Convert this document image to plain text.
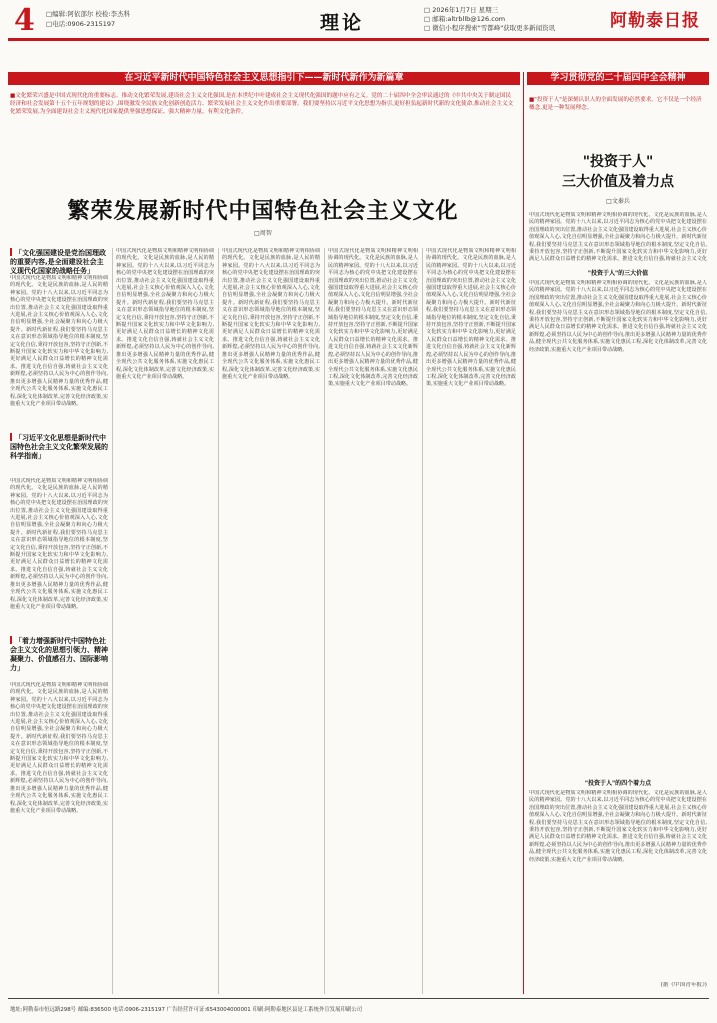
4 □编辑:阿依部尔 校检:李杰科
□电话:0906-2315197	理论
□ 2026年1月7日 星期三
□ 邮箱:altrbllb@126.com
□ 微信小程序搜索"雪都峰"获取更多新闻资讯	阿勒泰日报
在习近平新时代中国特色社会主义思想指引下——新时代新作为新篇章
■文化繁荣兴盛是中国式现代化的重要标志。推动文化繁荣发展,建设社会主义文化强国,是在本世纪中叶建成社会主义现代化强国的题中应有之义。党的二十届四中全会审议通过的《中共中央关于制定国民经济和社会发展第十五个五年规划的建议》,围绕激发全民族文化创新创造活力、繁荣发展社会主义文化作出重要部署。我们要坚持以习近平文化思想为指引,更好担负起新时代新的文化使命,推动社会主义文化繁荣发展,为全面建设社会主义现代化国家提供坚强思想保证、强大精神力量、有利文化条件。
繁荣发展新时代中国特色社会主义文化
□周智
「文化强国建设是党治国理政的重要内容,是全面建设社会主义现代化国家的战略任务」
中国式现代化是物质文明和精神文明相协调的现代化。文化是民族的血脉,是人民的精神家园。党的十八大以来,以习近平同志为核心的党中央把文化建设摆在治国理政的突出位置,推动社会主义文化强国建设取得重大进展,社会主义核心价值观深入人心,文化自信明显增强,全社会凝聚力和向心力极大提升。新时代新征程,我们要坚持马克思主义在意识形态领域指导地位的根本制度,坚定文化自信,秉持开放包容,坚持守正创新,不断提升国家文化软实力和中华文化影响力,更好满足人民群众日益增长的精神文化需求。推进文化自信自强,铸就社会主义文化新辉煌,必须坚持以人民为中心的创作导向,推出更多增强人民精神力量的优秀作品,健全现代公共文化服务体系,实施文化惠民工程,深化文化体制改革,完善文化经济政策,实施重大文化产业项目带动战略。
「习近平文化思想是新时代中国特色社会主义文化繁荣发展的科学指南」
中国式现代化是物质文明和精神文明相协调的现代化。文化是民族的血脉,是人民的精神家园。党的十八大以来,以习近平同志为核心的党中央把文化建设摆在治国理政的突出位置,推动社会主义文化强国建设取得重大进展,社会主义核心价值观深入人心,文化自信明显增强,全社会凝聚力和向心力极大提升。新时代新征程,我们要坚持马克思主义在意识形态领域指导地位的根本制度,坚定文化自信,秉持开放包容,坚持守正创新,不断提升国家文化软实力和中华文化影响力,更好满足人民群众日益增长的精神文化需求。推进文化自信自强,铸就社会主义文化新辉煌,必须坚持以人民为中心的创作导向,推出更多增强人民精神力量的优秀作品,健全现代公共文化服务体系,实施文化惠民工程,深化文化体制改革,完善文化经济政策,实施重大文化产业项目带动战略。
「着力增强新时代中国特色社会主义文化的思想引领力、精神凝聚力、价值感召力、国际影响力」
中国式现代化是物质文明和精神文明相协调的现代化。文化是民族的血脉,是人民的精神家园。党的十八大以来,以习近平同志为核心的党中央把文化建设摆在治国理政的突出位置,推动社会主义文化强国建设取得重大进展,社会主义核心价值观深入人心,文化自信明显增强,全社会凝聚力和向心力极大提升。新时代新征程,我们要坚持马克思主义在意识形态领域指导地位的根本制度,坚定文化自信,秉持开放包容,坚持守正创新,不断提升国家文化软实力和中华文化影响力,更好满足人民群众日益增长的精神文化需求。推进文化自信自强,铸就社会主义文化新辉煌,必须坚持以人民为中心的创作导向,推出更多增强人民精神力量的优秀作品,健全现代公共文化服务体系,实施文化惠民工程,深化文化体制改革,完善文化经济政策,实施重大文化产业项目带动战略。
中国式现代化是物质文明和精神文明相协调的现代化。文化是民族的血脉,是人民的精神家园。党的十八大以来,以习近平同志为核心的党中央把文化建设摆在治国理政的突出位置,推动社会主义文化强国建设取得重大进展,社会主义核心价值观深入人心,文化自信明显增强,全社会凝聚力和向心力极大提升。新时代新征程,我们要坚持马克思主义在意识形态领域指导地位的根本制度,坚定文化自信,秉持开放包容,坚持守正创新,不断提升国家文化软实力和中华文化影响力,更好满足人民群众日益增长的精神文化需求。推进文化自信自强,铸就社会主义文化新辉煌,必须坚持以人民为中心的创作导向,推出更多增强人民精神力量的优秀作品,健全现代公共文化服务体系,实施文化惠民工程,深化文化体制改革,完善文化经济政策,实施重大文化产业项目带动战略。
中国式现代化是物质文明和精神文明相协调的现代化。文化是民族的血脉,是人民的精神家园。党的十八大以来,以习近平同志为核心的党中央把文化建设摆在治国理政的突出位置,推动社会主义文化强国建设取得重大进展,社会主义核心价值观深入人心,文化自信明显增强,全社会凝聚力和向心力极大提升。新时代新征程,我们要坚持马克思主义在意识形态领域指导地位的根本制度,坚定文化自信,秉持开放包容,坚持守正创新,不断提升国家文化软实力和中华文化影响力,更好满足人民群众日益增长的精神文化需求。推进文化自信自强,铸就社会主义文化新辉煌,必须坚持以人民为中心的创作导向,推出更多增强人民精神力量的优秀作品,健全现代公共文化服务体系,实施文化惠民工程,深化文化体制改革,完善文化经济政策,实施重大文化产业项目带动战略。
中国式现代化是物质文明和精神文明相协调的现代化。文化是民族的血脉,是人民的精神家园。党的十八大以来,以习近平同志为核心的党中央把文化建设摆在治国理政的突出位置,推动社会主义文化强国建设取得重大进展,社会主义核心价值观深入人心,文化自信明显增强,全社会凝聚力和向心力极大提升。新时代新征程,我们要坚持马克思主义在意识形态领域指导地位的根本制度,坚定文化自信,秉持开放包容,坚持守正创新,不断提升国家文化软实力和中华文化影响力,更好满足人民群众日益增长的精神文化需求。推进文化自信自强,铸就社会主义文化新辉煌,必须坚持以人民为中心的创作导向,推出更多增强人民精神力量的优秀作品,健全现代公共文化服务体系,实施文化惠民工程,深化文化体制改革,完善文化经济政策,实施重大文化产业项目带动战略。
中国式现代化是物质文明和精神文明相协调的现代化。文化是民族的血脉,是人民的精神家园。党的十八大以来,以习近平同志为核心的党中央把文化建设摆在治国理政的突出位置,推动社会主义文化强国建设取得重大进展,社会主义核心价值观深入人心,文化自信明显增强,全社会凝聚力和向心力极大提升。新时代新征程,我们要坚持马克思主义在意识形态领域指导地位的根本制度,坚定文化自信,秉持开放包容,坚持守正创新,不断提升国家文化软实力和中华文化影响力,更好满足人民群众日益增长的精神文化需求。推进文化自信自强,铸就社会主义文化新辉煌,必须坚持以人民为中心的创作导向,推出更多增强人民精神力量的优秀作品,健全现代公共文化服务体系,实施文化惠民工程,深化文化体制改革,完善文化经济政策,实施重大文化产业项目带动战略。
学习贯彻党的二十届四中全会精神
■"投资于人"是深刻认识人的全面发展的必然要求。它不仅是一个经济概念,更是一种发展理念。
"投资于人"
三大价值及着力点
□文秦兵
中国式现代化是物质文明和精神文明相协调的现代化。文化是民族的血脉,是人民的精神家园。党的十八大以来,以习近平同志为核心的党中央把文化建设摆在治国理政的突出位置,推动社会主义文化强国建设取得重大进展,社会主义核心价值观深入人心,文化自信明显增强,全社会凝聚力和向心力极大提升。新时代新征程,我们要坚持马克思主义在意识形态领域指导地位的根本制度,坚定文化自信,秉持开放包容,坚持守正创新,不断提升国家文化软实力和中华文化影响力,更好满足人民群众日益增长的精神文化需求。推进文化自信自强,铸就社会主义文化
"投资于人"的三大价值
中国式现代化是物质文明和精神文明相协调的现代化。文化是民族的血脉,是人民的精神家园。党的十八大以来,以习近平同志为核心的党中央把文化建设摆在治国理政的突出位置,推动社会主义文化强国建设取得重大进展,社会主义核心价值观深入人心,文化自信明显增强,全社会凝聚力和向心力极大提升。新时代新征程,我们要坚持马克思主义在意识形态领域指导地位的根本制度,坚定文化自信,秉持开放包容,坚持守正创新,不断提升国家文化软实力和中华文化影响力,更好满足人民群众日益增长的精神文化需求。推进文化自信自强,铸就社会主义文化新辉煌,必须坚持以人民为中心的创作导向,推出更多增强人民精神力量的优秀作品,健全现代公共文化服务体系,实施文化惠民工程,深化文化体制改革,完善文化经济政策,实施重大文化产业项目带动战略。
"投资于人"的四个着力点
中国式现代化是物质文明和精神文明相协调的现代化。文化是民族的血脉,是人民的精神家园。党的十八大以来,以习近平同志为核心的党中央把文化建设摆在治国理政的突出位置,推动社会主义文化强国建设取得重大进展,社会主义核心价值观深入人心,文化自信明显增强,全社会凝聚力和向心力极大提升。新时代新征程,我们要坚持马克思主义在意识形态领域指导地位的根本制度,坚定文化自信,秉持开放包容,坚持守正创新,不断提升国家文化软实力和中华文化影响力,更好满足人民群众日益增长的精神文化需求。推进文化自信自强,铸就社会主义文化新辉煌,必须坚持以人民为中心的创作导向,推出更多增强人民精神力量的优秀作品,健全现代公共文化服务体系,实施文化惠民工程,深化文化体制改革,完善文化经济政策,实施重大文化产业项目带动战略。
(据《中国青年报》)
地址:阿勒泰市恒远路298号 邮编:836500 电话:0906-2315197 广告经营许可证:6543004000001 印刷:阿勒泰地区县是工系统外宣发展印刷公司
